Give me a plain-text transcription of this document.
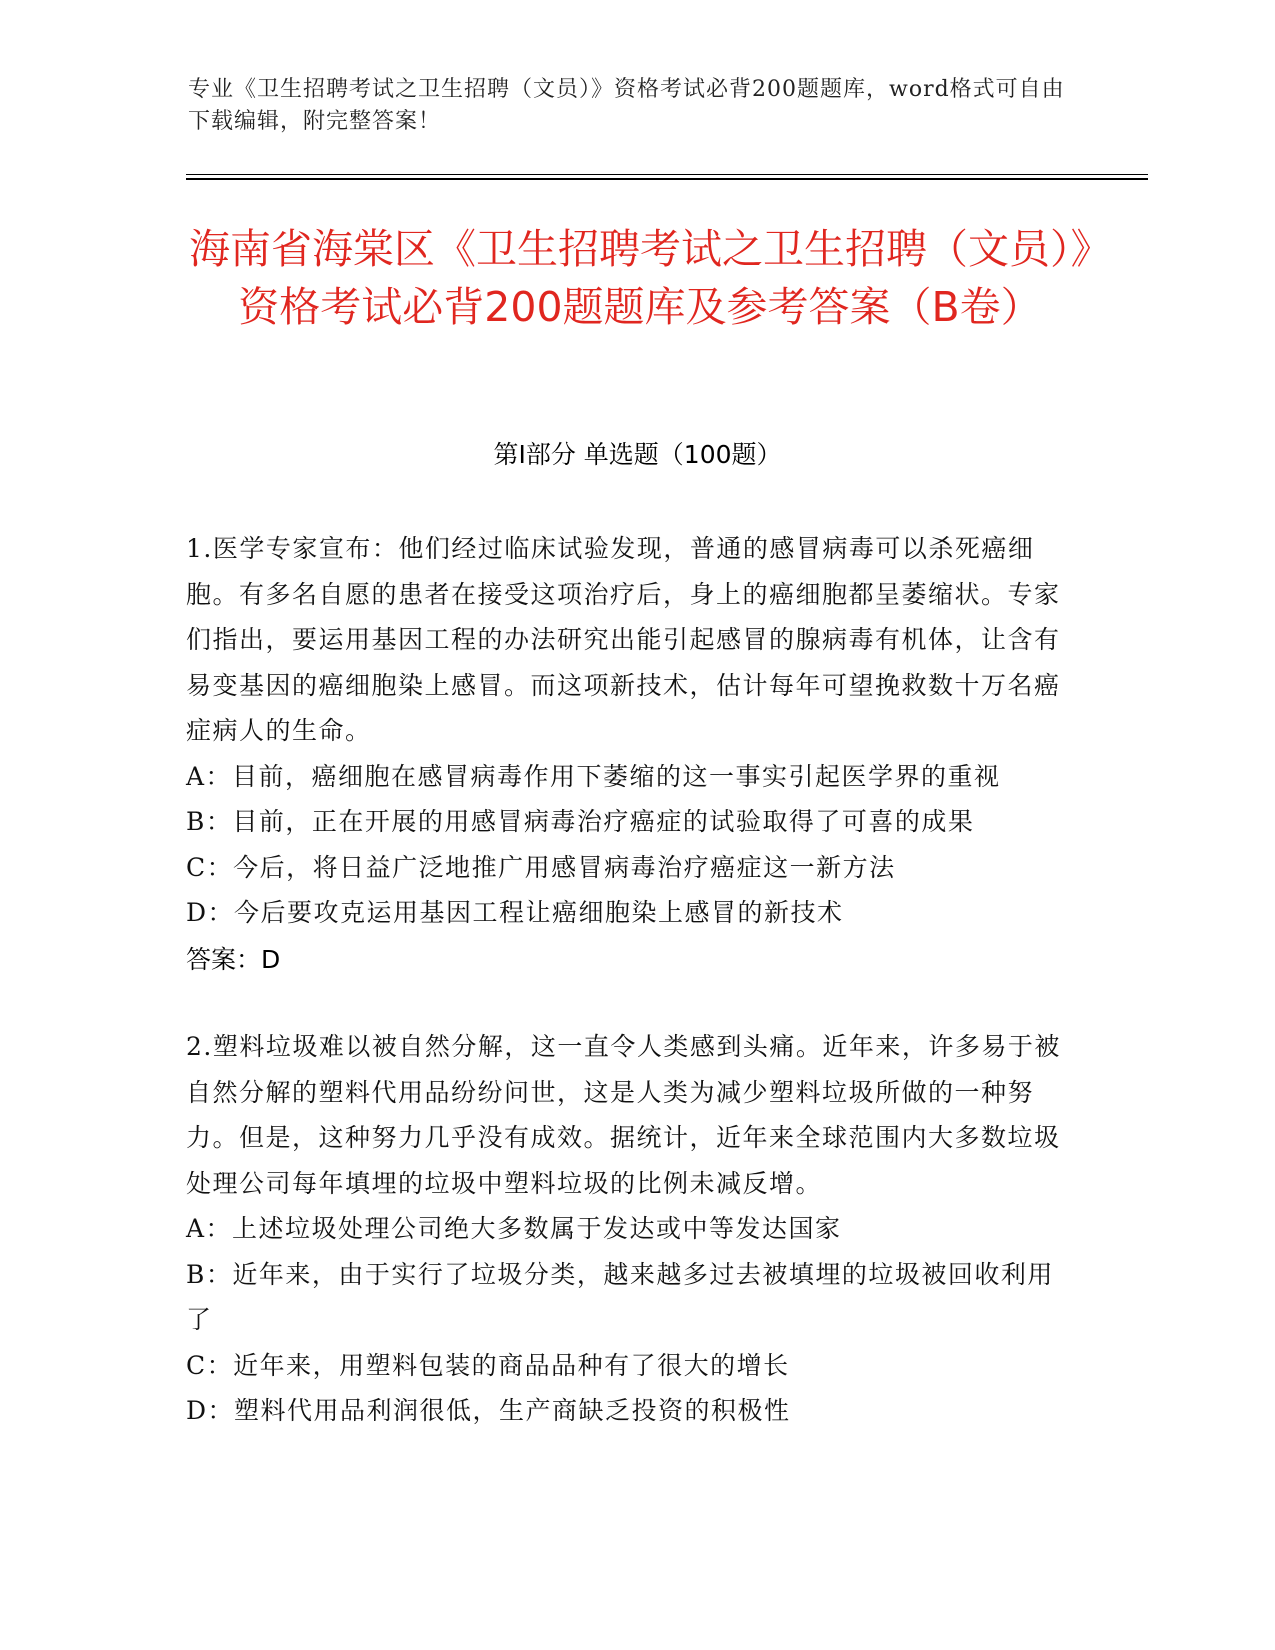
专业《卫生招聘考试之卫生招聘（文员）》资格考试必背200题题库，word格式可自由下载编辑，附完整答案！
海南省海棠区《卫生招聘考试之卫生招聘（文员）》资格考试必背200题题库及参考答案（B卷）
第Ⅰ部分 单选题（100题）
1.医学专家宣布：他们经过临床试验发现，普通的感冒病毒可以杀死癌细胞。有多名自愿的患者在接受这项治疗后，身上的癌细胞都呈萎缩状。专家们指出，要运用基因工程的办法研究出能引起感冒的腺病毒有机体，让含有易变基因的癌细胞染上感冒。而这项新技术，估计每年可望挽救数十万名癌症病人的生命。
A：目前，癌细胞在感冒病毒作用下萎缩的这一事实引起医学界的重视
B：目前，正在开展的用感冒病毒治疗癌症的试验取得了可喜的成果
C：今后，将日益广泛地推广用感冒病毒治疗癌症这一新方法
D：今后要攻克运用基因工程让癌细胞染上感冒的新技术
答案：D
2.塑料垃圾难以被自然分解，这一直令人类感到头痛。近年来，许多易于被自然分解的塑料代用品纷纷问世，这是人类为减少塑料垃圾所做的一种努力。但是，这种努力几乎没有成效。据统计，近年来全球范围内大多数垃圾处理公司每年填埋的垃圾中塑料垃圾的比例未减反增。
A：上述垃圾处理公司绝大多数属于发达或中等发达国家
B：近年来，由于实行了垃圾分类，越来越多过去被填埋的垃圾被回收利用了
C：近年来，用塑料包装的商品品种有了很大的增长
D：塑料代用品利润很低，生产商缺乏投资的积极性
